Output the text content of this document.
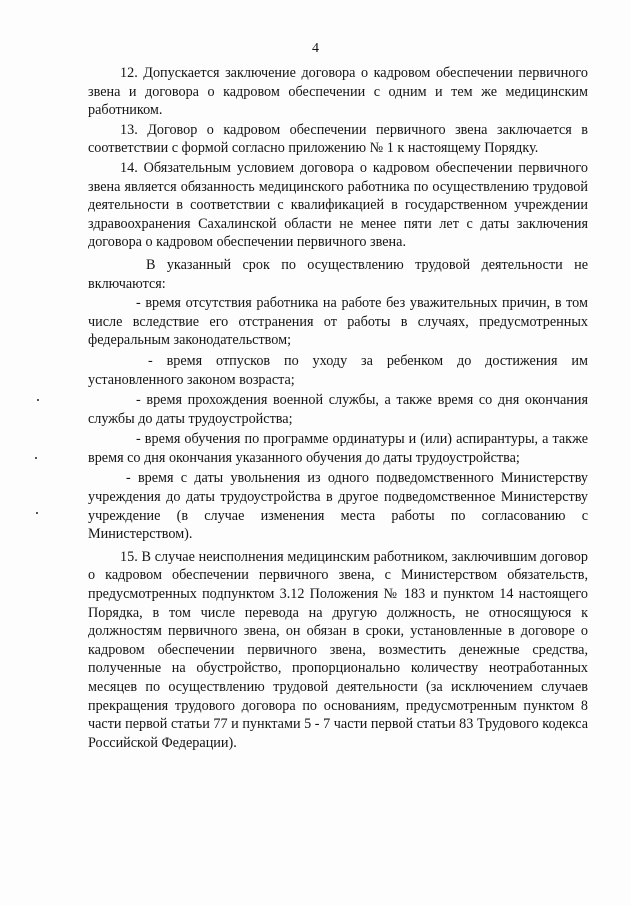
4

12. Допускается заключение договора о кадровом обеспечении первичного звена и договора о кадровом обеспечении с одним и тем же медицинским работником.

13. Договор о кадровом обеспечении первичного звена заключается в соответствии с формой согласно приложению № 1 к настоящему Порядку.

14. Обязательным условием договора о кадровом обеспечении первичного звена является обязанность медицинского работника по осуществлению трудовой деятельности в соответствии с квалификацией в государственном учреждении здравоохранения Сахалинской области не менее пяти лет с даты заключения договора о кадровом обеспечении первичного звена.

В указанный срок по осуществлению трудовой деятельности не включаются:

- время отсутствия работника на работе без уважительных причин, в том числе вследствие его отстранения от работы в случаях, предусмотренных федеральным законодательством;

- время отпусков по уходу за ребенком до достижения им установленного законом возраста;

- время прохождения военной службы, а также время со дня окончания службы до даты трудоустройства;

- время обучения по программе ординатуры и (или) аспирантуры, а также время со дня окончания указанного обучения до даты трудоустройства;

- время с даты увольнения из одного подведомственного Министерству учреждения до даты трудоустройства в другое подведомственное Министерству учреждение (в случае изменения места работы по согласованию с Министерством).

15. В случае неисполнения медицинским работником, заключившим договор о кадровом обеспечении первичного звена, с Министерством обязательств, предусмотренных подпунктом 3.12 Положения № 183 и пунктом 14 настоящего Порядка, в том числе перевода на другую должность, не относящуюся к должностям первичного звена, он обязан в сроки, установленные в договоре о кадровом обеспечении первичного звена, возместить денежные средства, полученные на обустройство, пропорционально количеству неотработанных месяцев по осуществлению трудовой деятельности (за исключением случаев прекращения трудового договора по основаниям, предусмотренным пунктом 8 части первой статьи 77 и пунктами 5 - 7 части первой статьи 83 Трудового кодекса Российской Федерации).
